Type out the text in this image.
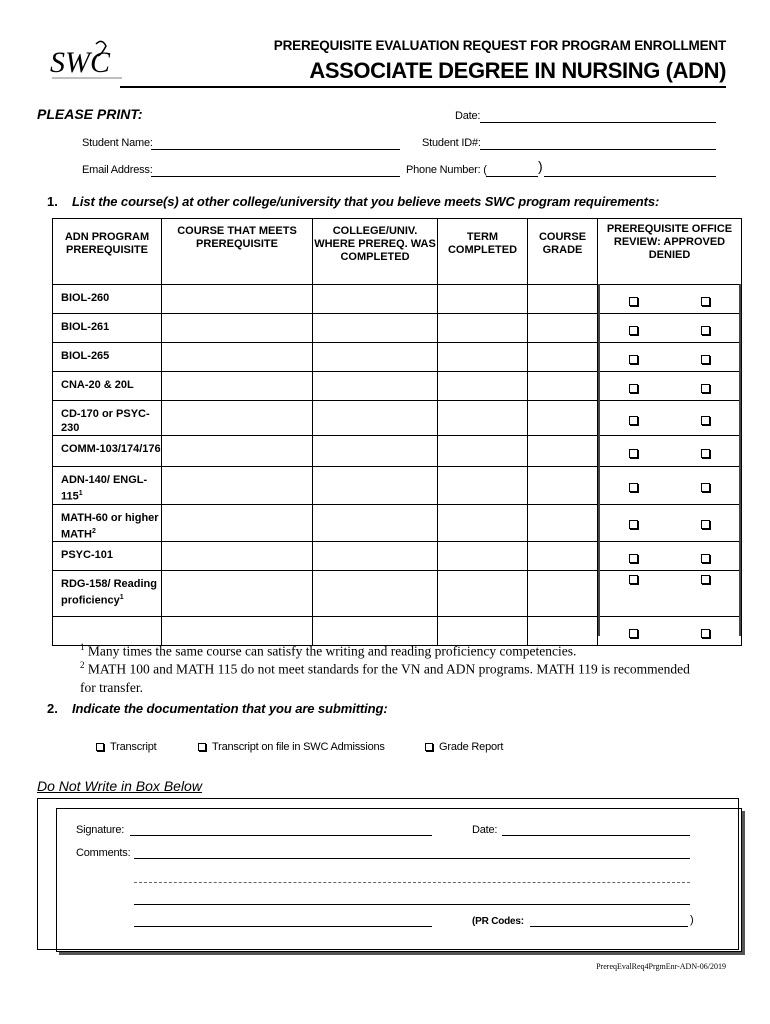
SWC
PREREQUISITE EVALUATION REQUEST FOR PROGRAM ENROLLMENT
ASSOCIATE DEGREE IN NURSING (ADN)
PLEASE PRINT:	Date:
Student Name:	Student ID#:
Email Address:	Phone Number: (	)
1. List the course(s) at other college/university that you believe meets SWC program requirements:
ADN PROGRAM PREREQUISITE	COURSE THAT MEETS PREREQUISITE	COLLEGE/UNIV. WHERE PREREQ. WAS COMPLETED	TERM COMPLETED	COURSE GRADE	PREREQUISITE OFFICE REVIEW: APPROVED DENIED
BIOL-260					

BIOL-261					

BIOL-265					

CNA-20 & 20L					

CD-170 or PSYC-230					

COMM-103/174/176					

ADN-140/ ENGL-$115^1$					

MATH-60 or higher MATH$^2$					

PSYC-101					

RDG-158/ Reading proficiency$^1$					

$^1$ Many times the same course can satisfy the writing and reading proficiency competencies.
$^2$ MATH 100 and MATH 115 do not meet standards for the VN and ADN programs. MATH 119 is recommended for transfer.
2. Indicate the documentation that you are submitting:
Transcript	Transcript on file in SWC Admissions	Grade Report
Do Not Write in Box Below
Signature:	Date:
Comments:
(PR Codes:	)
PrereqEvalReq4PrgmEnr-ADN-06/2019
